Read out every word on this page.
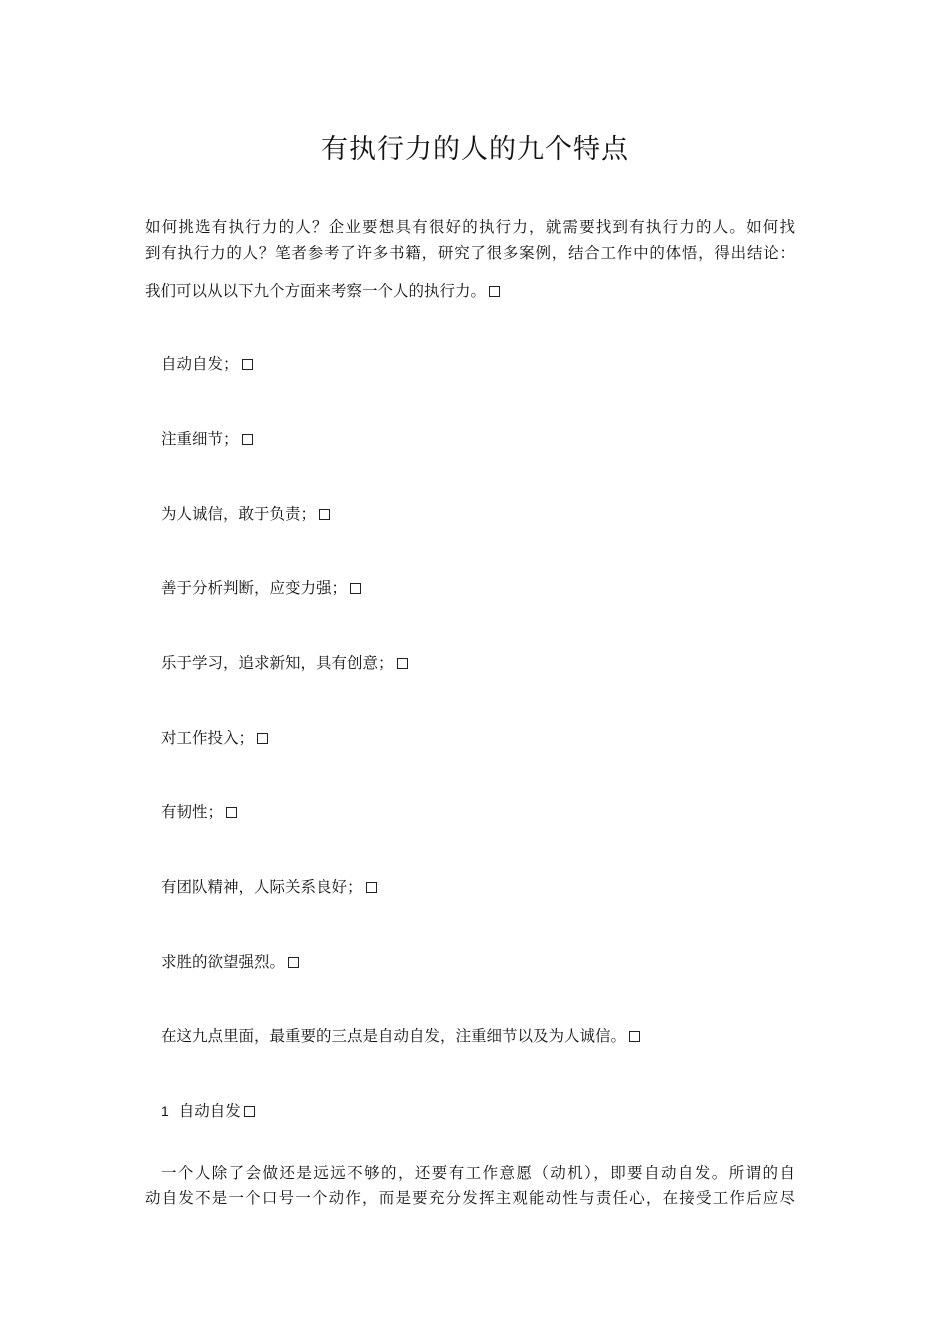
有执行力的人的九个特点
如何挑选有执行力的人？企业要想具有很好的执行力，就需要找到有执行力的人。如何找
到有执行力的人？笔者参考了许多书籍，研究了很多案例，结合工作中的体悟，得出结论：
我们可以从以下九个方面来考察一个人的执行力。
自动自发；
注重细节；
为人诚信，敢于负责；
善于分析判断，应变力强；
乐于学习，追求新知，具有创意；
对工作投入；
有韧性；
有团队精神，人际关系良好；
求胜的欲望强烈。
在这九点里面，最重要的三点是自动自发，注重细节以及为人诚信。
1 自动自发
一个人除了会做还是远远不够的，还要有工作意愿（动机），即要自动自发。所谓的自
动自发不是一个口号一个动作，而是要充分发挥主观能动性与责任心，在接受工作后应尽
